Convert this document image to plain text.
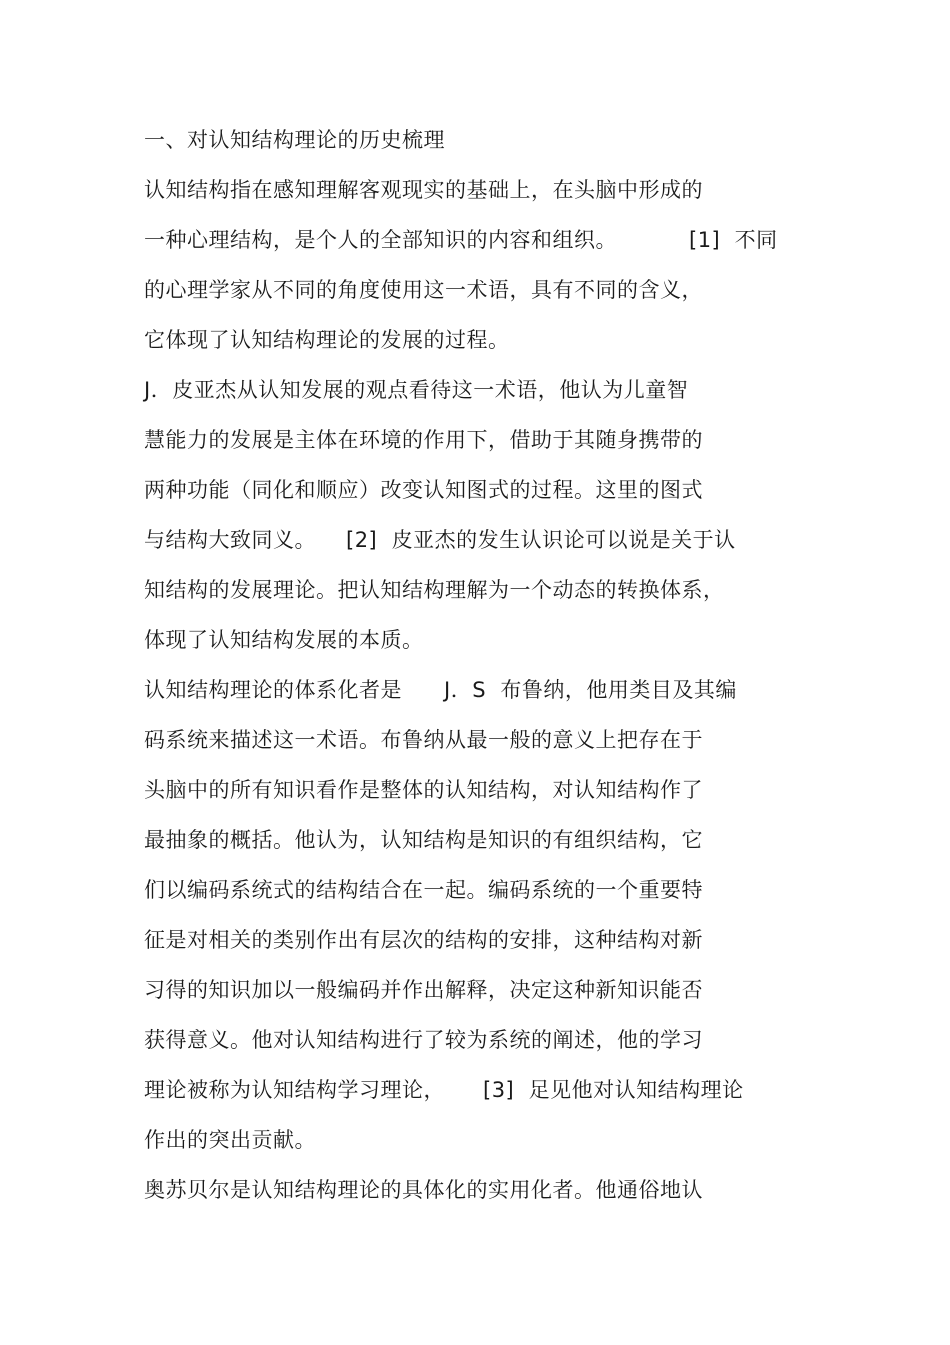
一、对认知结构理论的历史梳理
认知结构指在感知理解客观现实的基础上，在头脑中形成的
一种心理结构，是个人的全部知识的内容和组织。	[1]  不同
的心理学家从不同的角度使用这一术语，具有不同的含义，
它体现了认知结构理论的发展的过程。
J．皮亚杰从认知发展的观点看待这一术语，他认为儿童智
慧能力的发展是主体在环境的作用下，借助于其随身携带的
两种功能（同化和顺应）改变认知图式的过程。这里的图式
与结构大致同义。 [2]  皮亚杰的发生认识论可以说是关于认
知结构的发展理论。把认知结构理解为一个动态的转换体系，
体现了认知结构发展的本质。
认知结构理论的体系化者是 J．S  布鲁纳，他用类目及其编
码系统来描述这一术语。布鲁纳从最一般的意义上把存在于
头脑中的所有知识看作是整体的认知结构，对认知结构作了
最抽象的概括。他认为，认知结构是知识的有组织结构，它
们以编码系统式的结构结合在一起。编码系统的一个重要特
征是对相关的类别作出有层次的结构的安排，这种结构对新
习得的知识加以一般编码并作出解释，决定这种新知识能否
获得意义。他对认知结构进行了较为系统的阐述，他的学习
理论被称为认知结构学习理论， [3]  足见他对认知结构理论
作出的突出贡献。
奥苏贝尔是认知结构理论的具体化的实用化者。他通俗地认
